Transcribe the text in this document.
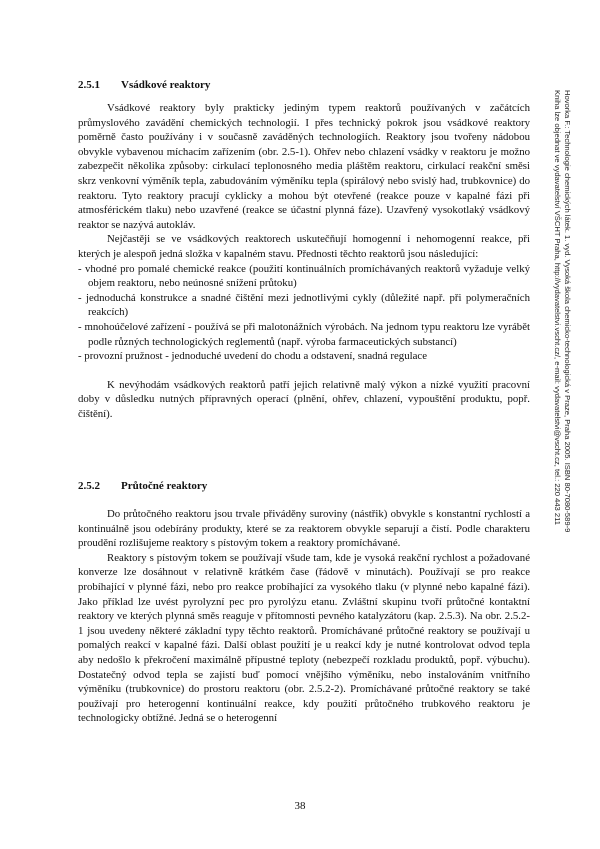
2.5.1 Vsádkové reaktory

Vsádkové reaktory byly prakticky jediným typem reaktorů používaných v začátcích průmyslového zavádění chemických technologií. I přes technický pokrok jsou vsádkové reaktory poměrně často používány i v současně zaváděných technologiích. Reaktory jsou tvořeny nádobou obvykle vybavenou míchacím zařízením (obr. 2.5-1). Ohřev nebo chlazení vsádky v reaktoru je možno zabezpečit několika způsoby: cirkulací teplonosného media pláštěm reaktoru, cirkulací reakční směsi skrz venkovní výměník tepla, zabudováním výměníku tepla (spirálový nebo svislý had, trubkovnice) do reaktoru. Tyto reaktory pracují cyklicky a mohou být otevřené (reakce pouze v kapalné fázi při atmosférickém tlaku) nebo uzavřené (reakce se účastní plynná fáze). Uzavřený vysokotlaký vsádkový reaktor se nazývá autokláv.

Nejčastěji se ve vsádkových reaktorech uskutečňují homogenní i nehomogenní reakce, při kterých je alespoň jedná složka v kapalném stavu. Přednosti těchto reaktorů jsou následující:

- vhodné pro pomalé chemické reakce (použití kontinuálních promíchávaných reaktorů vyžaduje velký objem reaktoru, nebo neúnosné snížení průtoku)
- jednoduchá konstrukce a snadné čištění mezi jednotlivými cykly (důležité např. při polymeračních reakcích)
- mnohoúčelové zařízení - používá se při malotonážních výrobách. Na jednom typu reaktoru lze vyrábět podle různých technologických reglementů (např. výroba farmaceutických substancí)
- provozní pružnost - jednoduché uvedení do chodu a odstavení, snadná regulace

K nevýhodám vsádkových reaktorů patří jejich relativně malý výkon a nízké využití pracovní doby v důsledku nutných přípravných operací (plnění, ohřev, chlazení, vypouštění produktu, popř. čištění).

2.5.2 Průtočné reaktory

Do průtočného reaktoru jsou trvale přiváděny suroviny (nástřik) obvykle s konstantní rychlostí a kontinuálně jsou odebírány produkty, které se za reaktorem obvykle separují a čistí. Podle charakteru proudění rozlišujeme reaktory s pístovým tokem a reaktory promíchávané.

Reaktory s pístovým tokem se používají všude tam, kde je vysoká reakční rychlost a požadované konverze lze dosáhnout v relativně krátkém čase (řádově v minutách). Používají se pro reakce probíhající v plynné fázi, nebo pro reakce probíhající za vysokého tlaku (v plynné nebo kapalné fázi). Jako příklad lze uvést pyrolyzní pec pro pyrolýzu etanu. Zvláštní skupinu tvoří průtočné kontaktní reaktory ve kterých plynná směs reaguje v přítomnosti pevného katalyzátoru (kap. 2.5.3). Na obr. 2.5.2-1 jsou uvedeny některé základní typy těchto reaktorů. Promíchávané průtočné reaktory se používají u pomalých reakcí v kapalné fázi. Další oblast použití je u reakcí kdy je nutné kontrolovat odvod tepla aby nedošlo k překročení maximálně přípustné teploty (nebezpečí rozkladu produktů, popř. výbuchu). Dostatečný odvod tepla se zajistí buď pomocí vnějšího výměníku, nebo instalováním vnitřního výměníku (trubkovnice) do prostoru reaktoru (obr. 2.5.2-2). Promíchávané průtočné reaktory se také používají pro heterogenní kontinuální reakce, kdy použití průtočného trubkového reaktoru je technologicky obtížné. Jedná se o heterogenní

Hovorka F.: Technologie chemických látek. 1. vyd. Vysoká škola chemicko-technologická v Praze, Praha 2005. ISBN 80-7080-589-9
Kniha lze objednat ve vydavatelství VŠCHT Praha, http://vydavatelstvi.vscht.cz/, e-mail: vydavatelstvi@vscht.cz, tel.: 220 443 211
38
